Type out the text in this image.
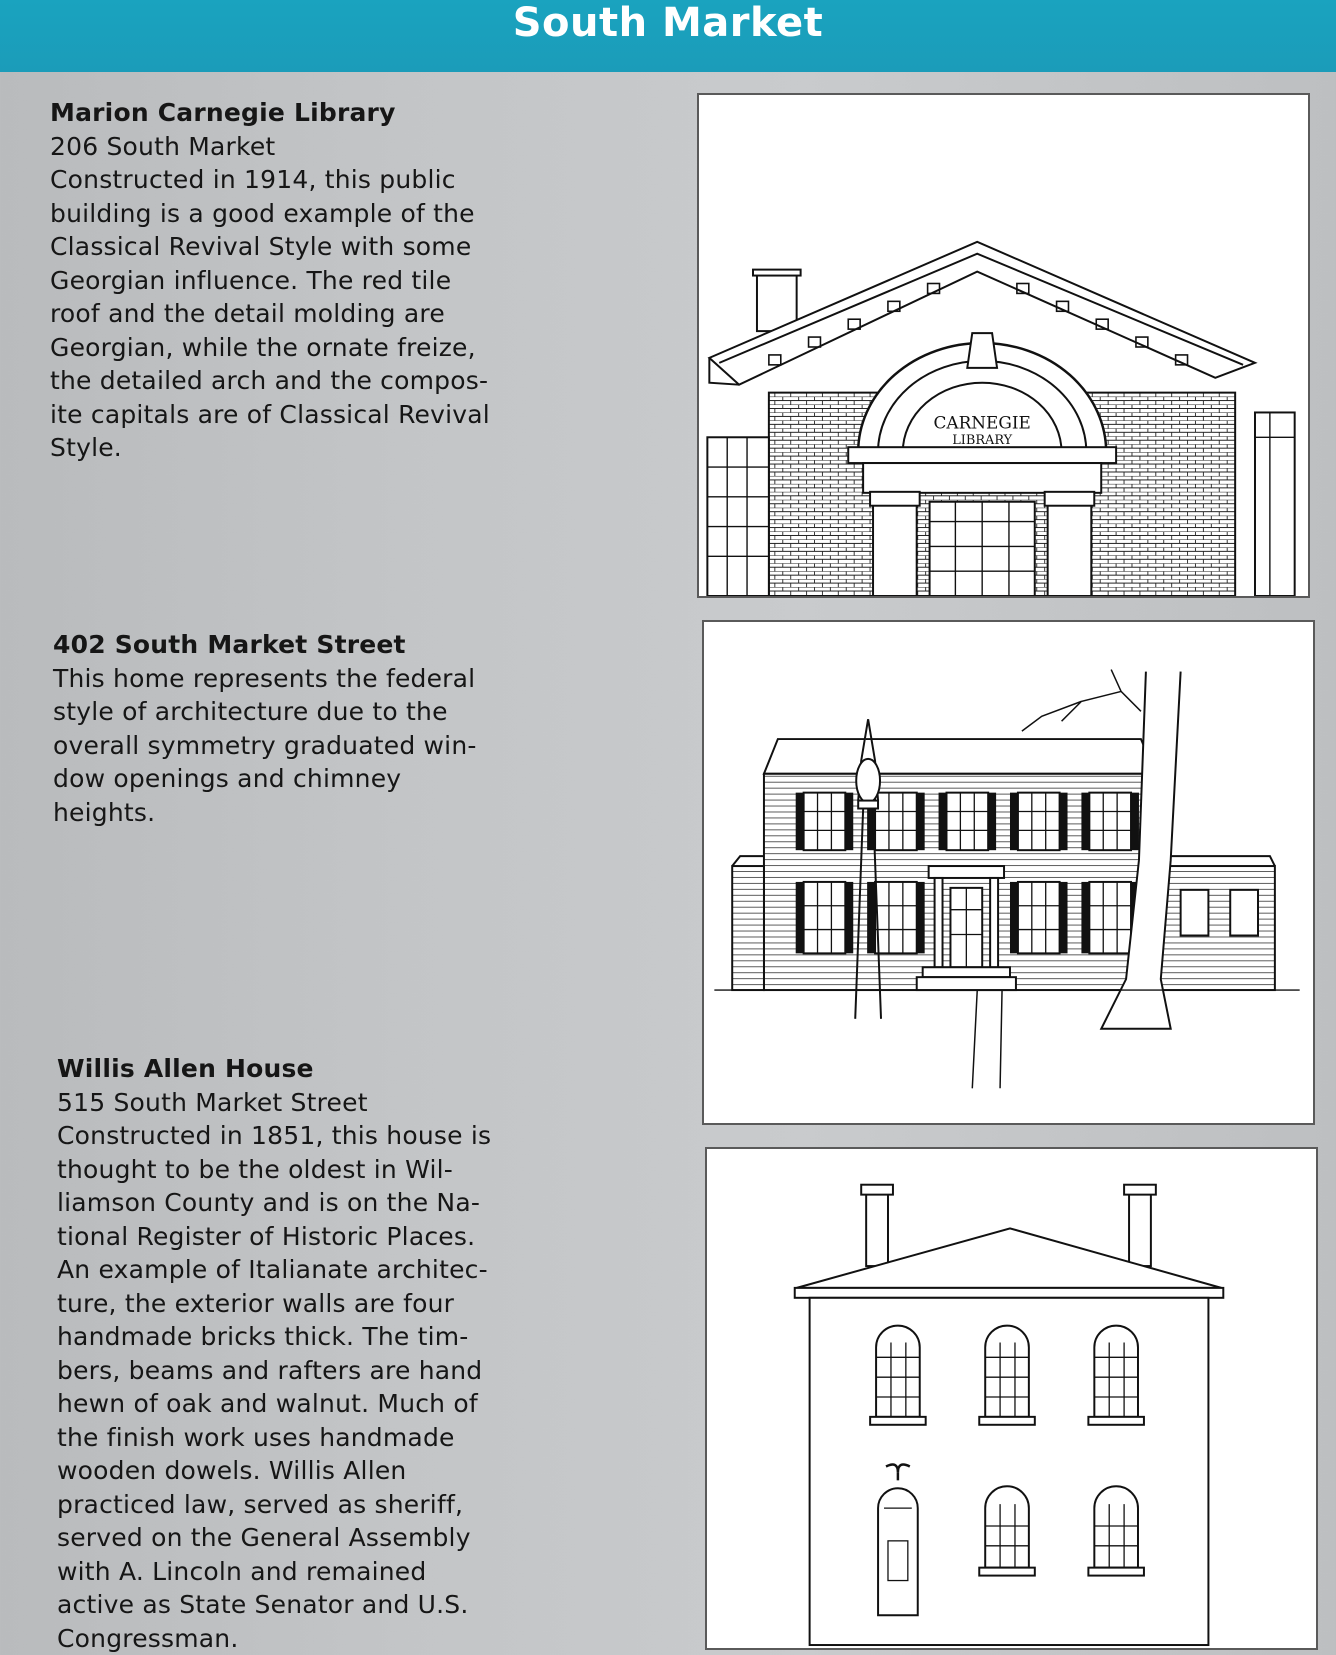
South Market
Marion Carnegie Library
206 South Market
Constructed in 1914, this public
building is a good example of the
Classical Revival Style with some
Georgian influence. The red tile
roof and the detail molding are
Georgian, while the ornate freize,
the detailed arch and the compos-
ite capitals are of Classical Revival
Style.
402 South Market Street
This home represents the federal
style of architecture due to the
overall symmetry graduated win-
dow openings and chimney
heights.
Willis Allen House
515 South Market Street
Constructed in 1851, this house is
thought to be the oldest in Wil-
liamson County and is on the Na-
tional Register of Historic Places.
An example of Italianate architec-
ture, the exterior walls are four
handmade bricks thick. The tim-
bers, beams and rafters are hand
hewn of oak and walnut. Much of
the finish work uses handmade
wooden dowels. Willis Allen
practiced law, served as sheriff,
served on the General Assembly
with A. Lincoln and remained
active as State Senator and U.S.
Congressman.
CARNEGIE
LIBRARY
